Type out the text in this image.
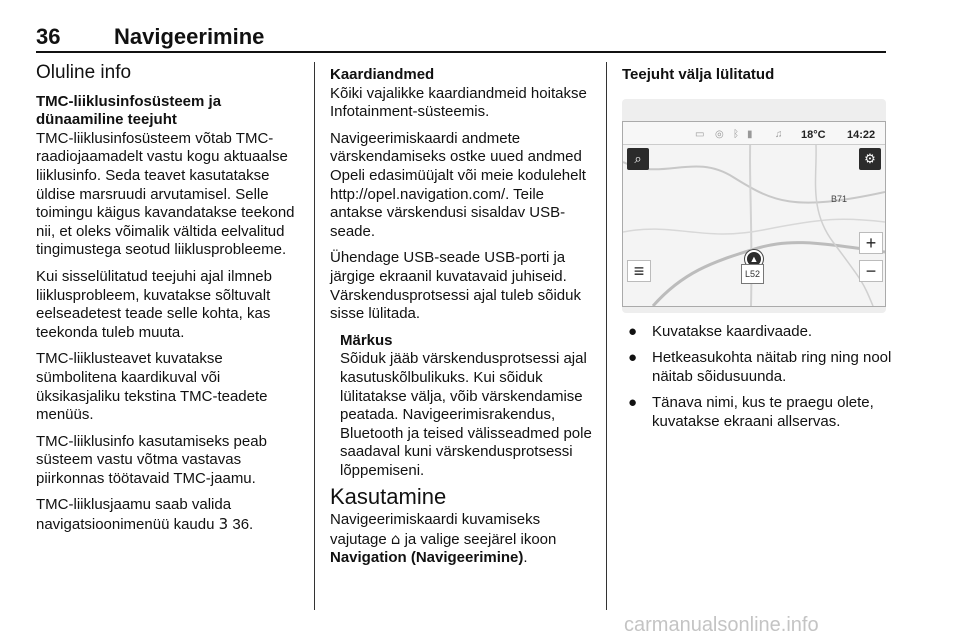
36 Navigeerimine
Oluline info
TMC-liiklusinfosüsteem ja dünaamiline teejuht

TMC-liiklusinfosüsteem võtab TMC-raadiojaamadelt vastu kogu aktuaalse liiklusinfo. Seda teavet kasutatakse üldise marsruudi arvutamisel. Selle toimingu käigus kavandatakse teekond nii, et oleks võimalik vältida eelvalitud tingimustega seotud liiklusprobleeme.

Kui sisselülitatud teejuhi ajal ilmneb liiklusprobleem, kuvatakse sõltuvalt eelseadetest teade selle kohta, kas teekonda tuleb muuta.

TMC-liiklusteavet kuvatakse sümbolitena kaardikuval või üksikasjaliku tekstina TMC-teadete menüüs.

TMC-liiklusinfo kasutamiseks peab süsteem vastu võtma vastavas piirkonnas töötavaid TMC-jaamu.

TMC-liiklusjaamu saab valida navigatsioonimenüü kaudu 3 36.

Kaardiandmed

Kõiki vajalikke kaardiandmeid hoitakse Infotainment-süsteemis.

Navigeerimiskaardi andmete värskendamiseks ostke uued andmed Opeli edasimüüjalt või meie kodulehelt http://opel.navigation.com/. Teile antakse värskendusi sisaldav USB-seade.

Ühendage USB-seade USB-porti ja järgige ekraanil kuvatavaid juhiseid. Värskendusprotsessi ajal tuleb sõiduk sisse lülitada.

Märkus
Sõiduk jääb värskendusprotsessi ajal kasutuskõlbulikuks. Kui sõiduk lülitatakse välja, võib värskendamise peatada. Navigeerimisrakendus, Bluetooth ja teised välisseadmed pole saadaval kuni värskendusprotsessi lõppemiseni.
Kasutamine

Navigeerimiskaardi kuvamiseks vajutage ⌂ ja valige seejärel ikoon Navigation (Navigeerimine).

Teejuht välja lülitatud
▭ ◎ ᛒ ▮ ♫ 18°C 14:22
⌕	⚙
B71
▲
+
−
≡	L52
● Kuvatakse kaardivaade.
● Hetkeasukohta näitab ring ning nool näitab sõidusuunda.
● Tänava nimi, kus te praegu olete, kuvatakse ekraani allservas.
carmanualsonline.info
